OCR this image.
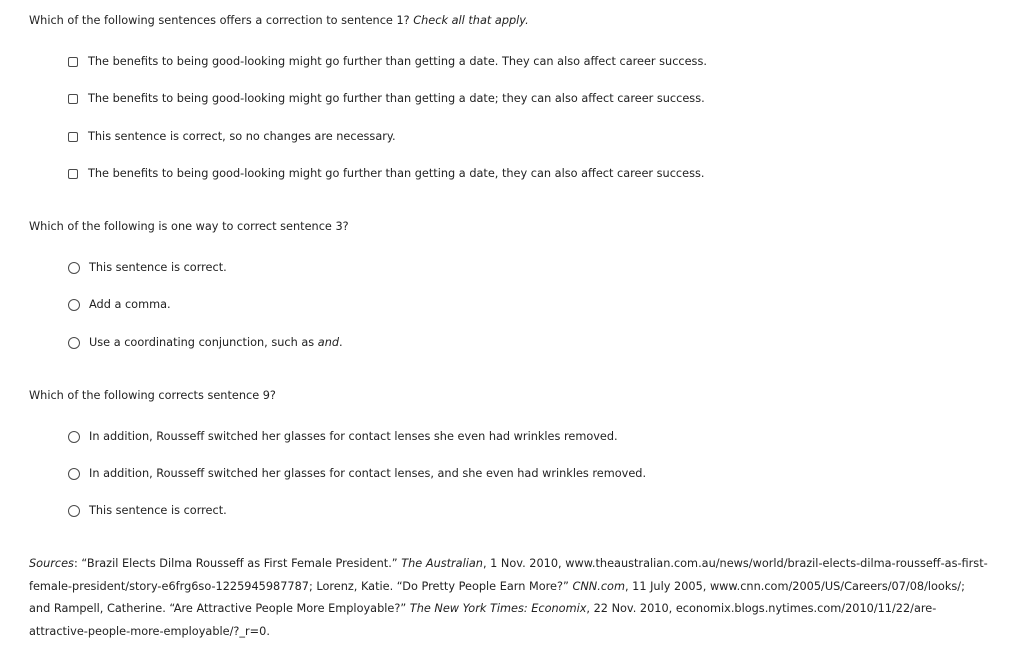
Which of the following sentences offers a correction to sentence 1? Check all that apply.

The benefits to being good-looking might go further than getting a date. They can also affect career success.
The benefits to being good-looking might go further than getting a date; they can also affect career success.
This sentence is correct, so no changes are necessary.
The benefits to being good-looking might go further than getting a date, they can also affect career success.

Which of the following is one way to correct sentence 3?

This sentence is correct.
Add a comma.
Use a coordinating conjunction, such as and.

Which of the following corrects sentence 9?

In addition, Rousseff switched her glasses for contact lenses she even had wrinkles removed.
In addition, Rousseff switched her glasses for contact lenses, and she even had wrinkles removed.
This sentence is correct.

Sources: “Brazil Elects Dilma Rousseff as First Female President.” The Australian, 1 Nov. 2010, www.theaustralian.com.au/news/world/brazil-elects-dilma-rousseff-as-first-female-president/story-e6frg6so-1225945987787; Lorenz, Katie. “Do Pretty People Earn More?” CNN.com, 11 July 2005, www.cnn.com/2005/US/Careers/07/08/looks/; and Rampell, Catherine. “Are Attractive People More Employable?” The New York Times: Economix, 22 Nov. 2010, economix.blogs.nytimes.com/2010/11/22/are-attractive-people-more-employable/?_r=0.
